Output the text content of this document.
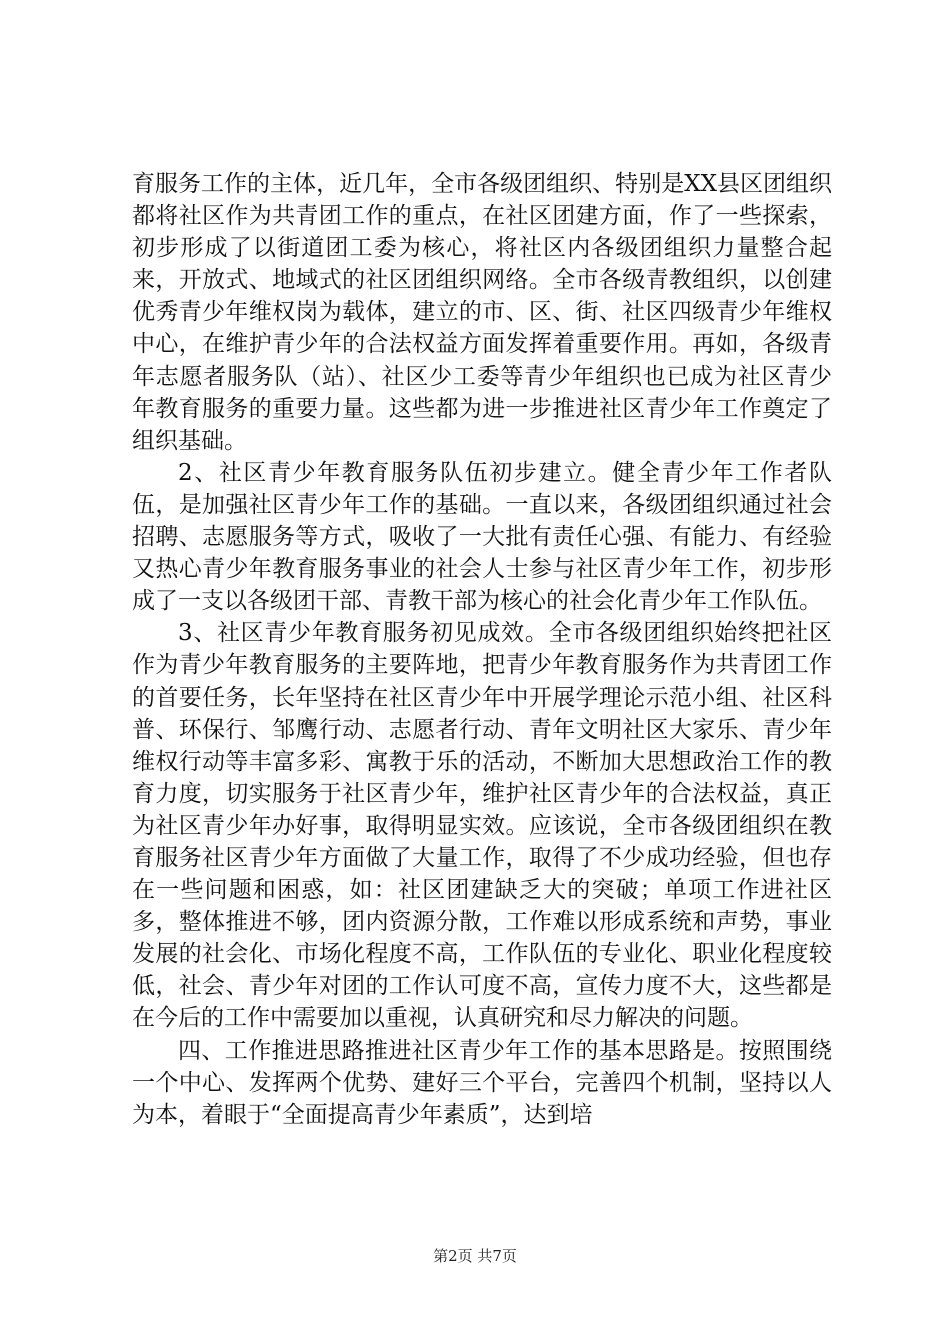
育服务工作的主体，近几年，全市各级团组织、特别是XX县区团组织都将社区作为共青团工作的重点，在社区团建方面，作了一些探索，初步形成了以街道团工委为核心，将社区内各级团组织力量整合起来，开放式、地域式的社区团组织网络。全市各级青教组织，以创建优秀青少年维权岗为载体，建立的市、区、街、社区四级青少年维权中心，在维护青少年的合法权益方面发挥着重要作用。再如，各级青年志愿者服务队（站）、社区少工委等青少年组织也已成为社区青少年教育服务的重要力量。这些都为进一步推进社区青少年工作奠定了组织基础。

2、社区青少年教育服务队伍初步建立。健全青少年工作者队伍，是加强社区青少年工作的基础。一直以来，各级团组织通过社会招聘、志愿服务等方式，吸收了一大批有责任心强、有能力、有经验又热心青少年教育服务事业的社会人士参与社区青少年工作，初步形成了一支以各级团干部、青教干部为核心的社会化青少年工作队伍。

3、社区青少年教育服务初见成效。全市各级团组织始终把社区作为青少年教育服务的主要阵地，把青少年教育服务作为共青团工作的首要任务，长年坚持在社区青少年中开展学理论示范小组、社区科普、环保行、邹鹰行动、志愿者行动、青年文明社区大家乐、青少年维权行动等丰富多彩、寓教于乐的活动，不断加大思想政治工作的教育力度，切实服务于社区青少年，维护社区青少年的合法权益，真正为社区青少年办好事，取得明显实效。应该说，全市各级团组织在教育服务社区青少年方面做了大量工作，取得了不少成功经验，但也存在一些问题和困惑，如：社区团建缺乏大的突破；单项工作进社区多，整体推进不够，团内资源分散，工作难以形成系统和声势，事业发展的社会化、市场化程度不高，工作队伍的专业化、职业化程度较低，社会、青少年对团的工作认可度不高，宣传力度不大，这些都是在今后的工作中需要加以重视，认真研究和尽力解决的问题。

四、工作推进思路推进社区青少年工作的基本思路是。按照围绕一个中心、发挥两个优势、建好三个平台，完善四个机制，坚持以人为本，着眼于“全面提高青少年素质”，达到培

第2页 共7页
